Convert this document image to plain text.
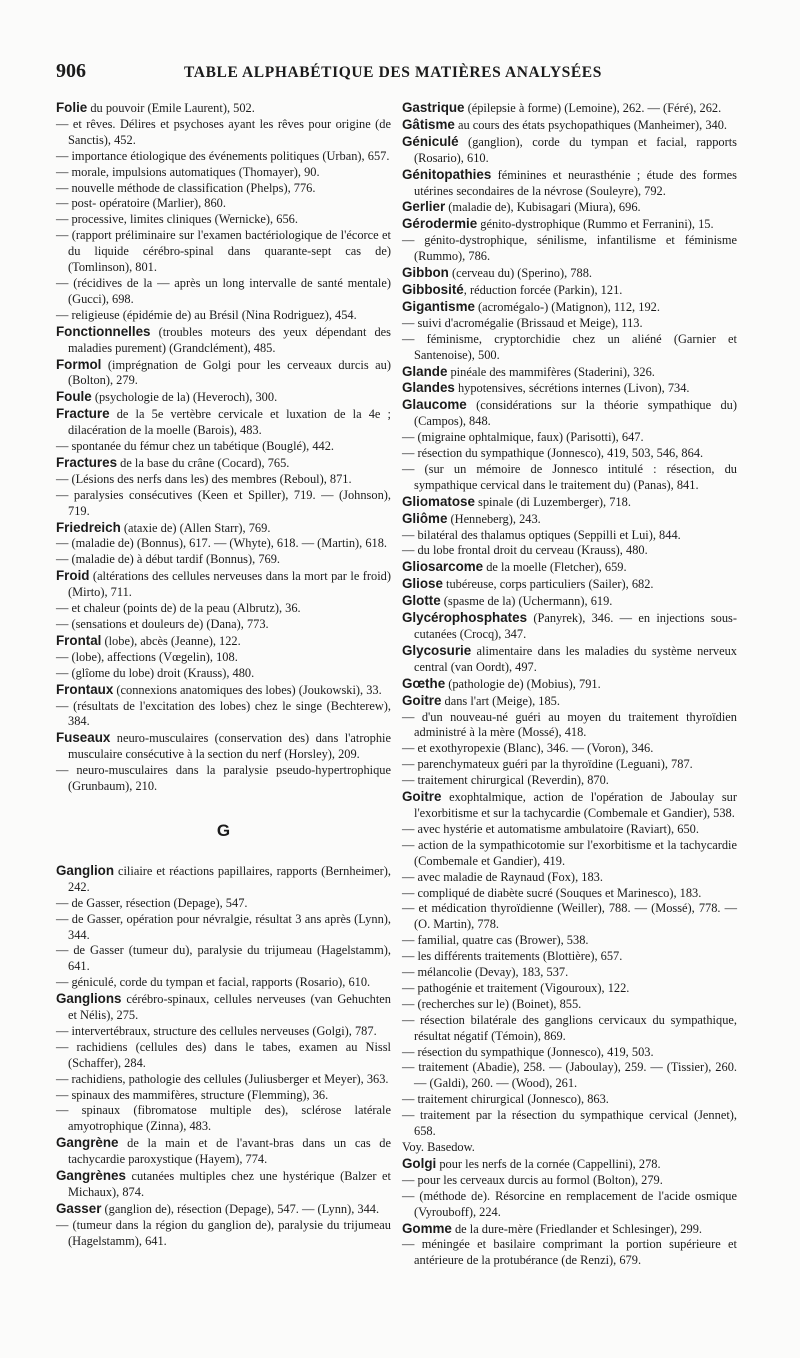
906	TABLE ALPHABÉTIQUE DES MATIÈRES ANALYSÉES

Folie du pouvoir (Emile Laurent), 502.

— et rêves. Délires et psychoses ayant les rêves pour origine (de Sanctis), 452.

— importance étiologique des événements politiques (Urban), 657.

— morale, impulsions automatiques (Thomayer), 90.

— nouvelle méthode de classification (Phelps), 776.

— post- opératoire (Marlier), 860.

— processive, limites cliniques (Wernicke), 656.

— (rapport préliminaire sur l'examen bactériologique de l'écorce et du liquide cérébro-spinal dans quarante-sept cas de) (Tomlinson), 801.

— (récidives de la — après un long intervalle de santé mentale) (Gucci), 698.

— religieuse (épidémie de) au Brésil (Nina Rodriguez), 454.

Fonctionnelles (troubles moteurs des yeux dépendant des maladies purement) (Grandclément), 485.

Formol (imprégnation de Golgi pour les cerveaux durcis au) (Bolton), 279.

Foule (psychologie de la) (Heveroch), 300.

Fracture de la 5e vertèbre cervicale et luxation de la 4e ; dilacération de la moelle (Barois), 483.

— spontanée du fémur chez un tabétique (Bouglé), 442.

Fractures de la base du crâne (Cocard), 765.

— (Lésions des nerfs dans les) des membres (Reboul), 871.

— paralysies consécutives (Keen et Spiller), 719. — (Johnson), 719.

Friedreich (ataxie de) (Allen Starr), 769.

— (maladie de) (Bonnus), 617. — (Whyte), 618. — (Martin), 618.

— (maladie de) à début tardif (Bonnus), 769.

Froid (altérations des cellules nerveuses dans la mort par le froid) (Mirto), 711.

— et chaleur (points de) de la peau (Albrutz), 36.

— (sensations et douleurs de) (Dana), 773.

Frontal (lobe), abcès (Jeanne), 122.

— (lobe), affections (Vœgelin), 108.

— (glîome du lobe) droit (Krauss), 480.

Frontaux (connexions anatomiques des lobes) (Joukowski), 33.

— (résultats de l'excitation des lobes) chez le singe (Bechterew), 384.

Fuseaux neuro-musculaires (conservation des) dans l'atrophie musculaire consécutive à la section du nerf (Horsley), 209.

— neuro-musculaires dans la paralysie pseudo-hypertrophique (Grunbaum), 210.

G

Ganglion ciliaire et réactions papillaires, rapports (Bernheimer), 242.

— de Gasser, résection (Depage), 547.

— de Gasser, opération pour névralgie, résultat 3 ans après (Lynn), 344.

— de Gasser (tumeur du), paralysie du trijumeau (Hagelstamm), 641.

— géniculé, corde du tympan et facial, rapports (Rosario), 610.

Ganglions cérébro-spinaux, cellules nerveuses (van Gehuchten et Nélis), 275.

— intervertébraux, structure des cellules nerveuses (Golgi), 787.

— rachidiens (cellules des) dans le tabes, examen au Nissl (Schaffer), 284.

— rachidiens, pathologie des cellules (Juliusberger et Meyer), 363.

— spinaux des mammifères, structure (Flemming), 36.

— spinaux (fibromatose multiple des), sclérose latérale amyotrophique (Zinna), 483.

Gangrène de la main et de l'avant-bras dans un cas de tachycardie paroxystique (Hayem), 774.

Gangrènes cutanées multiples chez une hystérique (Balzer et Michaux), 874.

Gasser (ganglion de), résection (Depage), 547. — (Lynn), 344.

— (tumeur dans la région du ganglion de), paralysie du trijumeau (Hagelstamm), 641.

Gastrique (épilepsie à forme) (Lemoine), 262. — (Féré), 262.

Gâtisme au cours des états psychopathiques (Manheimer), 340.

Géniculé (ganglion), corde du tympan et facial, rapports (Rosario), 610.

Génitopathies féminines et neurasthénie ; étude des formes utérines secondaires de la névrose (Souleyre), 792.

Gerlier (maladie de), Kubisagari (Miura), 696.

Gérodermie génito-dystrophique (Rummo et Ferranini), 15.

— génito-dystrophique, sénilisme, infantilisme et féminisme (Rummo), 786.

Gibbon (cerveau du) (Sperino), 788.

Gibbosité, réduction forcée (Parkin), 121.

Gigantisme (acromégalo-) (Matignon), 112, 192.

— suivi d'acromégalie (Brissaud et Meige), 113.

— féminisme, cryptorchidie chez un aliéné (Garnier et Santenoise), 500.

Glande pinéale des mammifères (Staderini), 326.

Glandes hypotensives, sécrétions internes (Livon), 734.

Glaucome (considérations sur la théorie sympathique du) (Campos), 848.

— (migraine ophtalmique, faux) (Parisotti), 647.

— résection du sympathique (Jonnesco), 419, 503, 546, 864.

— (sur un mémoire de Jonnesco intitulé : résection, du sympathique cervical dans le traitement du) (Panas), 841.

Gliomatose spinale (di Luzemberger), 718.

Gliôme (Henneberg), 243.

— bilatéral des thalamus optiques (Seppilli et Lui), 844.

— du lobe frontal droit du cerveau (Krauss), 480.

Gliosarcome de la moelle (Fletcher), 659.

Gliose tubéreuse, corps particuliers (Sailer), 682.

Glotte (spasme de la) (Uchermann), 619.

Glycérophosphates (Panyrek), 346. — en injections sous-cutanées (Crocq), 347.

Glycosurie alimentaire dans les maladies du système nerveux central (van Oordt), 497.

Gœthe (pathologie de) (Mobius), 791.

Goitre dans l'art (Meige), 185.

— d'un nouveau-né guéri au moyen du traitement thyroïdien administré à la mère (Mossé), 418.

— et exothyropexie (Blanc), 346. — (Voron), 346.

— parenchymateux guéri par la thyroïdine (Leguani), 787.

— traitement chirurgical (Reverdin), 870.

Goitre exophtalmique, action de l'opération de Jaboulay sur l'exorbitisme et sur la tachycardie (Combemale et Gandier), 538.

— avec hystérie et automatisme ambulatoire (Raviart), 650.

— action de la sympathicotomie sur l'exorbitisme et la tachycardie (Combemale et Gandier), 419.

— avec maladie de Raynaud (Fox), 183.

— compliqué de diabète sucré (Souques et Marinesco), 183.

— et médication thyroïdienne (Weiller), 788. — (Mossé), 778. — (O. Martin), 778.

— familial, quatre cas (Brower), 538.

— les différents traitements (Blottière), 657.

— mélancolie (Devay), 183, 537.

— pathogénie et traitement (Vigouroux), 122.

— (recherches sur le) (Boinet), 855.

— résection bilatérale des ganglions cervicaux du sympathique, résultat négatif (Témoin), 869.

— résection du sympathique (Jonnesco), 419, 503.

— traitement (Abadie), 258. — (Jaboulay), 259. — (Tissier), 260. — (Galdi), 260. — (Wood), 261.

— traitement chirurgical (Jonnesco), 863.

— traitement par la résection du sympathique cervical (Jennet), 658.

Voy. Basedow.

Golgi pour les nerfs de la cornée (Cappellini), 278.

— pour les cerveaux durcis au formol (Bolton), 279.

— (méthode de). Résorcine en remplacement de l'acide osmique (Vyrouboff), 224.

Gomme de la dure-mère (Friedlander et Schlesinger), 299.

— méningée et basilaire comprimant la portion supérieure et antérieure de la protubérance (de Renzi), 679.
